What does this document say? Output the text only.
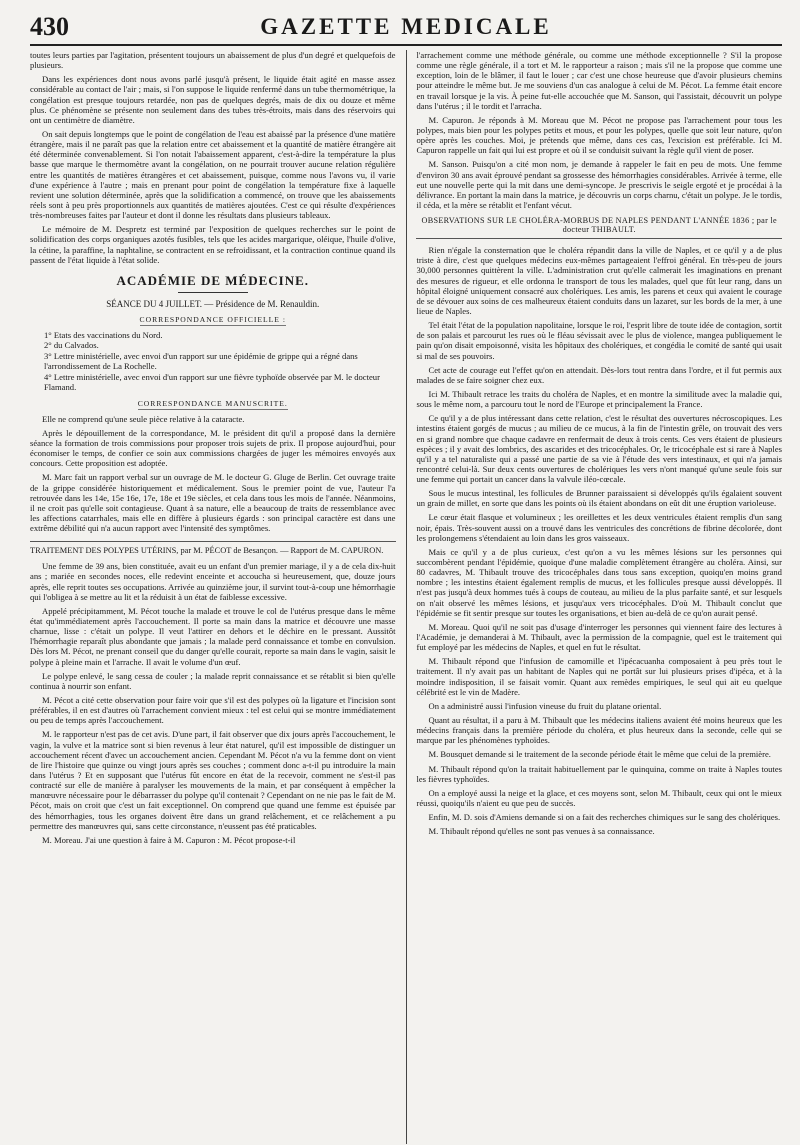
430	GAZETTE MEDICALE

toutes leurs parties par l'agitation, présentent toujours un abaissement de plus d'un degré et quelquefois de plusieurs.

Dans les expériences dont nous avons parlé jusqu'à présent, le liquide était agité en masse assez considérable au contact de l'air ; mais, si l'on suppose le liquide renfermé dans un tube thermométrique, la congélation est presque toujours retardée, non pas de quelques degrés, mais de dix ou douze et même plus. Ce phénomène se présente non seulement dans des tubes très-étroits, mais dans des réservoirs qui ont un centimètre de diamètre.

On sait depuis longtemps que le point de congélation de l'eau est abaissé par la présence d'une matière étrangère, mais il ne paraît pas que la relation entre cet abaissement et la quantité de matière étrangère ait été déterminée convenablement. Si l'on notait l'abaissement apparent, c'est-à-dire la température la plus basse que marque le thermomètre avant la congélation, on ne pourrait trouver aucune relation régulière entre les quantités de matières étrangères et cet abaissement, puisque, comme nous l'avons vu, il varie d'une expérience à l'autre ; mais en prenant pour point de congélation la température fixe à laquelle revient une solution déterminée, après que la solidification a commencé, on trouve que les abaissements réels sont à peu près proportionnels aux quantités de matières ajoutées. C'est ce qui résulte d'expériences très-nombreuses faites par l'auteur et dont il donne les résultats dans plusieurs tableaux.

Le mémoire de M. Despretz est terminé par l'exposition de quelques recherches sur le point de solidification des corps organiques azotés fusibles, tels que les acides margarique, oléique, l'huile d'olive, la cétine, la paraffine, la naphtaline, se contractent en se refroidissant, et la contraction continue quand ils passent de l'état liquide à l'état solide.

ACADÉMIE DE MÉDECINE.
SÉANCE DU 4 JUILLET. — Présidence de M. Renauldin.
CORRESPONDANCE OFFICIELLE :
1° Etats des vaccinations du Nord.
2° du Calvados.
3° Lettre ministérielle, avec envoi d'un rapport sur une épidémie de grippe qui a régné dans l'arrondissement de La Rochelle.
4° Lettre ministérielle, avec envoi d'un rapport sur une fièvre typhoïde observée par M. le docteur Flamand.
CORRESPONDANCE MANUSCRITE.

Elle ne comprend qu'une seule pièce relative à la cataracte.

Après le dépouillement de la correspondance, M. le président dit qu'il a proposé dans la dernière séance la formation de trois commissions pour proposer trois sujets de prix. Il propose aujourd'hui, pour économiser le temps, de confier ce soin aux commissions chargées de juger les mémoires envoyés aux concours. Cette proposition est adoptée.

M. Marc fait un rapport verbal sur un ouvrage de M. le docteur G. Gluge de Berlin. Cet ouvrage traite de la grippe considérée historiquement et médicalement. Sous le premier point de vue, l'auteur l'a retrouvée dans les 14e, 15e 16e, 17e, 18e et 19e siècles, et cela dans tous les mois de l'année. Néanmoins, il ne croit pas qu'elle soit contagieuse. Quant à sa nature, elle a beaucoup de traits de ressemblance avec les affections catarrhales, mais elle en diffère à plusieurs égards : son principal caractère est dans une extrême débilité qui n'a aucun rapport avec l'intensité des symptômes.

TRAITEMENT DES POLYPES UTÉRINS, par M. PÉCOT de Besançon. — Rapport de M. CAPURON.

Une femme de 39 ans, bien constituée, avait eu un enfant d'un premier mariage, il y a de cela dix-huit ans ; mariée en secondes noces, elle redevint enceinte et accoucha si heureusement, que, douze jours après, elle reprit toutes ses occupations. Arrivée au quinzième jour, il survint tout-à-coup une hémorrhagie qui l'obligea à se mettre au lit et la réduisit à un état de faiblesse excessive.

Appelé précipitamment, M. Pécot touche la malade et trouve le col de l'utérus presque dans le même état qu'immédiatement après l'accouchement. Il porte sa main dans la matrice et découvre une masse charnue, lisse : c'était un polype. Il veut l'attirer en dehors et le déchire en le pressant. Aussitôt l'hémorrhagie reparaît plus abondante que jamais ; la malade perd connaissance et tombe en convulsion. Dès lors M. Pécot, ne prenant conseil que du danger qu'elle courait, reporte sa main dans le vagin, saisit le polype à pleine main et l'arrache. Il avait le volume d'un œuf.

Le polype enlevé, le sang cessa de couler ; la malade reprit connaissance et se rétablit si bien qu'elle continua à nourrir son enfant.

M. Pécot a cité cette observation pour faire voir que s'il est des polypes où la ligature et l'incision sont préférables, il en est d'autres où l'arrachement convient mieux : tel est celui qui se montre immédiatement ou peu de temps après l'accouchement.

M. le rapporteur n'est pas de cet avis. D'une part, il fait observer que dix jours après l'accouchement, le vagin, la vulve et la matrice sont si bien revenus à leur état naturel, qu'il est impossible de distinguer un accouchement récent d'avec un accouchement ancien. Cependant M. Pécot n'a vu la femme dont on vient de lire l'histoire que quinze ou vingt jours après ses couches ; comment donc a-t-il pu introduire la main dans l'utérus ? Et en supposant que l'utérus fût encore en état de la recevoir, comment ne s'est-il pas contracté sur elle de manière à paralyser les mouvements de la main, et par conséquent à empêcher la manœuvre nécessaire pour le débarrasser du polype qu'il contenait ? Cependant on ne nie pas le fait de M. Pécot, mais on croit que c'est un fait exceptionnel. On comprend que quand une femme est épuisée par des hémorrhagies, tous les organes doivent être dans un grand relâchement, et ce relâchement a pu permettre des manœuvres qui, sans cette circonstance, n'eussent pas été praticables.

M. Moreau. J'ai une question à faire à M. Capuron : M. Pécot propose-t-il

l'arrachement comme une méthode générale, ou comme une méthode exceptionnelle ? S'il la propose comme une règle générale, il a tort et M. le rapporteur a raison ; mais s'il ne la propose que comme une exception, loin de le blâmer, il faut le louer ; car c'est une chose heureuse que d'avoir plusieurs chemins pour atteindre le même but. Je me souviens d'un cas analogue à celui de M. Pécot. La femme était encore en travail lorsque je la vis. À peine fut-elle accouchée que M. Sanson, qui l'assistait, découvrit un polype dans l'utérus ; il le tordit et l'arracha.

M. Capuron. Je réponds à M. Moreau que M. Pécot ne propose pas l'arrachement pour tous les polypes, mais bien pour les polypes petits et mous, et pour les polypes, quelle que soit leur nature, qu'on opère après les couches. Moi, je prétends que même, dans ces cas, l'excision est préférable. Ici M. Capuron rappelle un fait qui lui est propre et où il se conduisit suivant la règle qu'il vient de poser.

M. Sanson. Puisqu'on a cité mon nom, je demande à rappeler le fait en peu de mots. Une femme d'environ 30 ans avait éprouvé pendant sa grossesse des hémorrhagies considérables. Arrivée à terme, elle eut une nouvelle perte qui la mit dans une demi-syncope. Je prescrivis le seigle ergoté et je procédai à la délivrance. En portant la main dans la matrice, je découvris un corps charnu, c'était un polype. Je le tordis, il céda, et la mère se rétablit et l'enfant vécut.

OBSERVATIONS SUR LE CHOLÉRA-MORBUS DE NAPLES PENDANT L'ANNÉE 1836 ; par le docteur THIBAULT.

Rien n'égale la consternation que le choléra répandit dans la ville de Naples, et ce qu'il y a de plus triste à dire, c'est que quelques médecins eux-mêmes partageaient l'effroi général. En très-peu de jours 30,000 personnes quittèrent la ville. L'administration crut qu'elle calmerait les imaginations en prenant des mesures de rigueur, et elle ordonna le transport de tous les malades, quel que fût leur rang, dans un hôpital éloigné uniquement consacré aux cholériques. Les amis, les parens et ceux qui avaient le courage de se dévouer aux soins de ces malheureux étaient conduits dans un lazaret, sur les bords de la mer, à une lieue de Naples.

Tel était l'état de la population napolitaine, lorsque le roi, l'esprit libre de toute idée de contagion, sortit de son palais et parcourut les rues où le fléau sévissait avec le plus de violence, mangea publiquement le pain qu'on disait empoisonné, visita les hôpitaux des cholériques, et congédia le comité de santé qui usait si mal de ses pouvoirs.

Cet acte de courage eut l'effet qu'on en attendait. Dès-lors tout rentra dans l'ordre, et il fut permis aux malades de se faire soigner chez eux.

Ici M. Thibault retrace les traits du choléra de Naples, et en montre la similitude avec la maladie qui, sous le même nom, a parcouru tout le nord de l'Europe et principalement la France.

Ce qu'il y a de plus intéressant dans cette relation, c'est le résultat des ouvertures nécroscopiques. Les intestins étaient gorgés de mucus ; au milieu de ce mucus, à la fin de l'intestin grêle, on trouvait des vers en si grand nombre que chaque cadavre en renfermait de deux à trois cents. Ces vers étaient de plusieurs espèces ; il y avait des lombrics, des ascarides et des tricocéphales. Or, le tricocéphale est si rare à Naples qu'il y a tel naturaliste qui a passé une partie de sa vie à l'étude des vers intestinaux, et qui n'a jamais rencontré celui-là. Sur deux cents ouvertures de cholériques les vers n'ont manqué qu'une seule fois sur une femme qui portait un cancer dans la valvule iléo-cœcale.

Sous le mucus intestinal, les follicules de Brunner paraissaient si développés qu'ils égalaient souvent un grain de millet, en sorte que dans les points où ils étaient abondans on eût dit une éruption varioleuse.

Le cœur était flasque et volumineux ; les oreillettes et les deux ventricules étaient remplis d'un sang noir, épais. Très-souvent aussi on a trouvé dans les ventricules des concrétions de fibrine décolorée, dont les prolongemens s'étendaient au loin dans les gros vaisseaux.

Mais ce qu'il y a de plus curieux, c'est qu'on a vu les mêmes lésions sur les personnes qui succombèrent pendant l'épidémie, quoique d'une maladie complètement étrangère au choléra. Ainsi, sur 80 cadavres, M. Thibault trouve des tricocéphales dans tous sans exception, quoiqu'en moins grand nombre ; les intestins étaient également remplis de mucus, et les follicules presque aussi développés. Il n'est pas jusqu'à deux hommes tués à coups de couteau, au milieu de la plus parfaite santé, et sur lesquels on n'ait observé les mêmes lésions, et jusqu'aux vers tricocéphales. D'où M. Thibault conclut que l'épidémie se fit sentir presque sur toutes les organisations, et bien au-delà de ce qu'on aurait pensé.

M. Moreau. Quoi qu'il ne soit pas d'usage d'interroger les personnes qui viennent faire des lectures à l'Académie, je demanderai à M. Thibault, avec la permission de la compagnie, quel est le traitement qui fut employé par les médecins de Naples, et quel en fut le résultat.

M. Thibault répond que l'infusion de camomille et l'ipécacuanha composaient à peu près tout le traitement. Il n'y avait pas un habitant de Naples qui ne portât sur lui plusieurs prises d'ipéca, et à la moindre indisposition, il se faisait vomir. Quant aux remèdes empiriques, le seul qui ait eu quelque célébrité est le vin de Madère.

On a administré aussi l'infusion vineuse du fruit du platane oriental.

Quant au résultat, il a paru à M. Thibault que les médecins italiens avaient été moins heureux que les médecins français dans la première période du choléra, et plus heureux dans la seconde, celle qui se marque par les phénomènes typhoïdes.

M. Bousquet demande si le traitement de la seconde période était le même que celui de la première.

M. Thibault répond qu'on la traitait habituellement par le quinquina, comme on traite à Naples toutes les fièvres typhoïdes.

On a employé aussi la neige et la glace, et ces moyens sont, selon M. Thibault, ceux qui ont le mieux réussi, quoiqu'ils n'aient eu que peu de succès.

Enfin, M. D. sois d'Amiens demande si on a fait des recherches chimiques sur le sang des cholériques.

M. Thibault répond qu'elles ne sont pas venues à sa connaissance.
